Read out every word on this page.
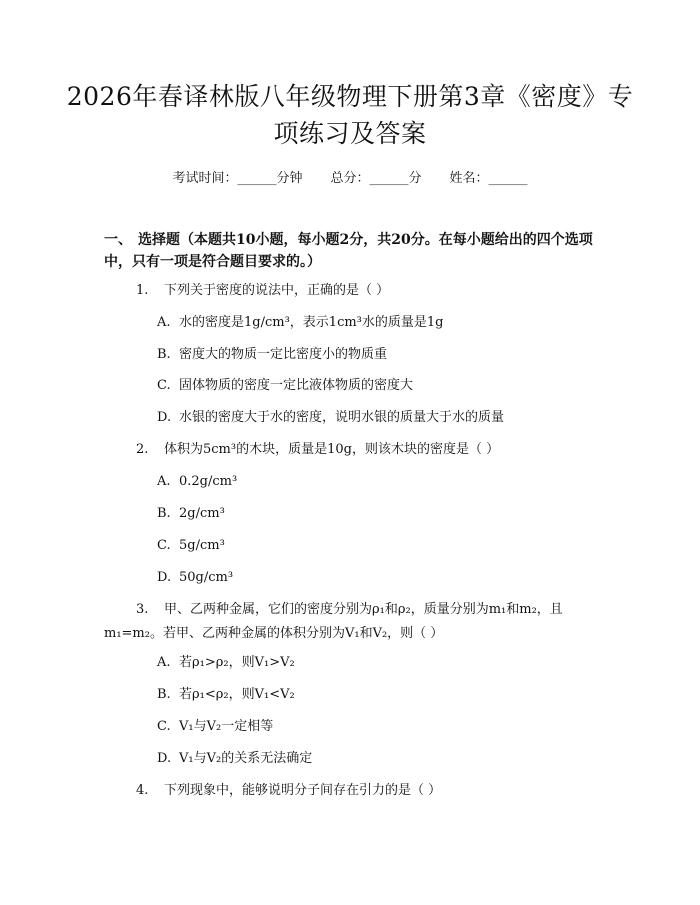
2026年春译林版八年级物理下册第3章《密度》专项练习及答案
考试时间：______分钟 总分：______分 姓名：______
一、 选择题（本题共10小题，每小题2分，共20分。在每小题给出的四个选项中，只有一项是符合题目要求的。）
1. 下列关于密度的说法中，正确的是（ ）
A. 水的密度是1g/cm³，表示1cm³水的质量是1g
B. 密度大的物质一定比密度小的物质重
C. 固体物质的密度一定比液体物质的密度大
D. 水银的密度大于水的密度，说明水银的质量大于水的质量
2. 体积为5cm³的木块，质量是10g，则该木块的密度是（ ）
A. 0.2g/cm³
B. 2g/cm³
C. 5g/cm³
D. 50g/cm³
3. 甲、乙两种金属，它们的密度分别为ρ₁和ρ₂，质量分别为m₁和m₂，且m₁=m₂。若甲、乙两种金属的体积分别为V₁和V₂，则（ ）
A. 若ρ₁>ρ₂，则V₁>V₂
B. 若ρ₁<ρ₂，则V₁<V₂
C. V₁与V₂一定相等
D. V₁与V₂的关系无法确定
4. 下列现象中，能够说明分子间存在引力的是（ ）
